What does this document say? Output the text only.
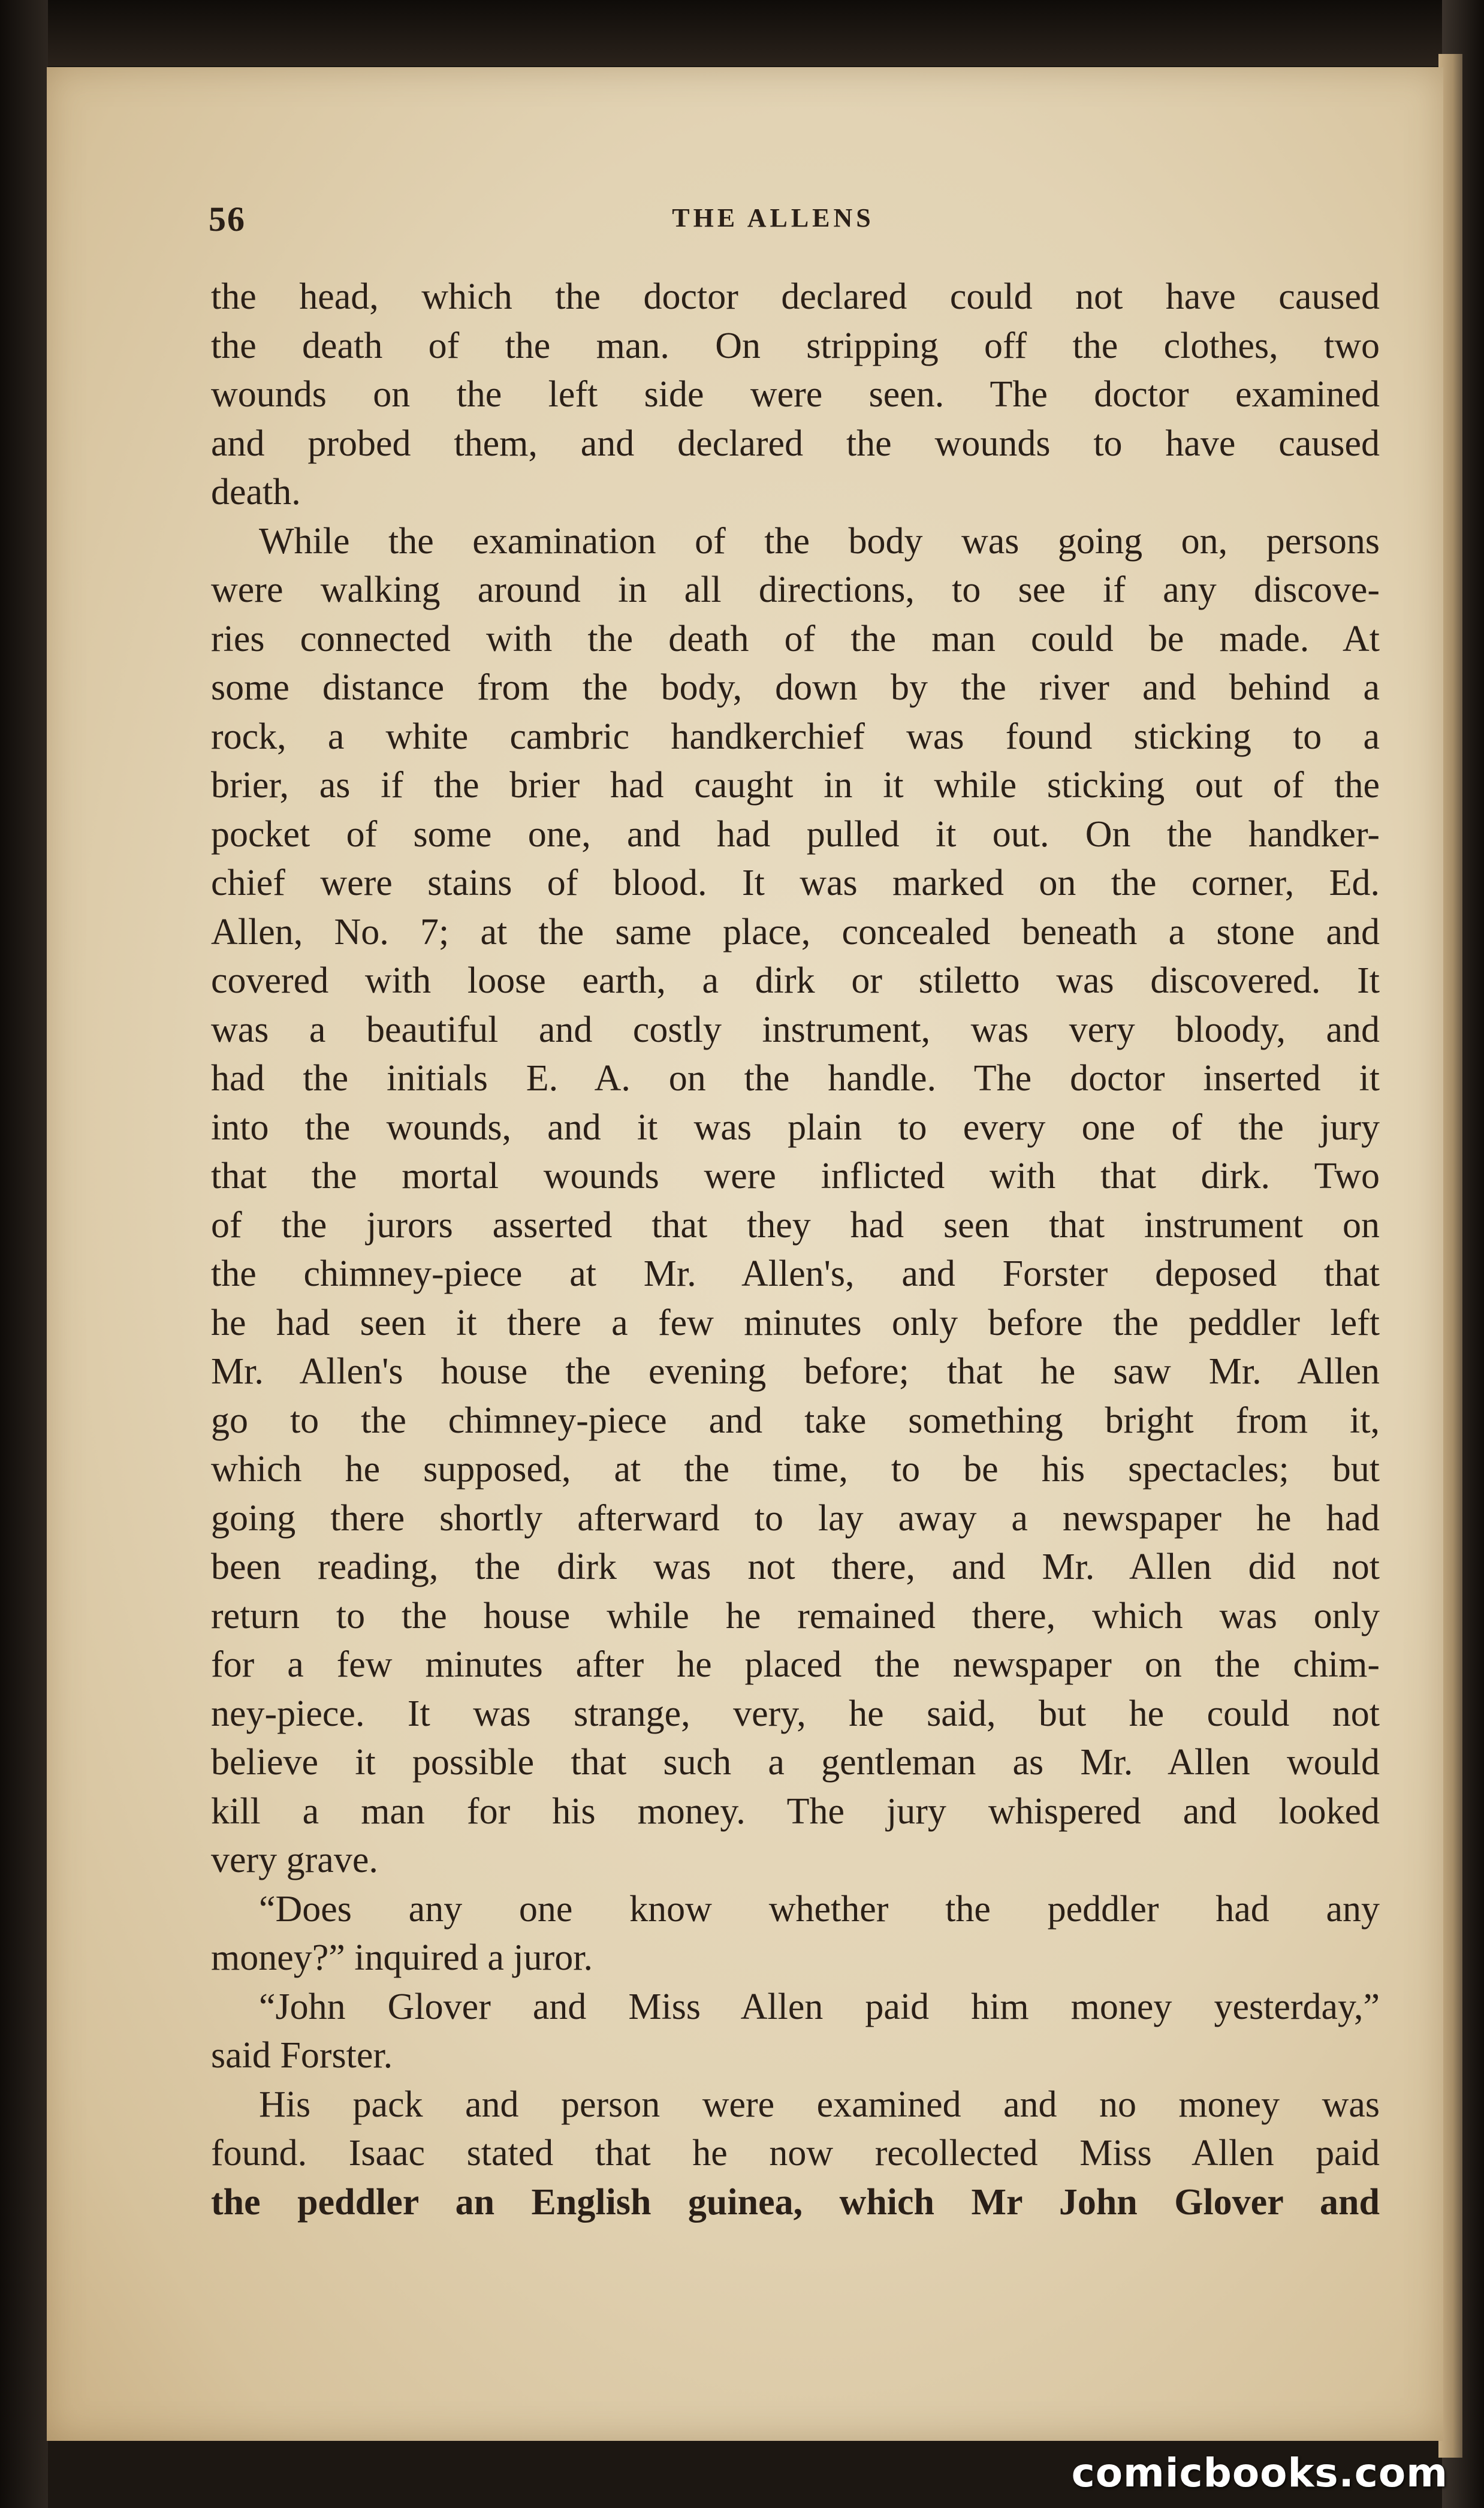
56	THE ALLENS
the head, which the doctor declared could not have caused
the death of the man. On stripping off the clothes, two
wounds on the left side were seen. The doctor examined
and probed them, and declared the wounds to have caused
death.
While the examination of the body was going on, persons
were walking around in all directions, to see if any discove-
ries connected with the death of the man could be made. At
some distance from the body, down by the river and behind a
rock, a white cambric handkerchief was found sticking to a
brier, as if the brier had caught in it while sticking out of the
pocket of some one, and had pulled it out. On the handker-
chief were stains of blood. It was marked on the corner, Ed.
Allen, No. 7; at the same place, concealed beneath a stone and
covered with loose earth, a dirk or stiletto was discovered. It
was a beautiful and costly instrument, was very bloody, and
had the initials E. A. on the handle. The doctor inserted it
into the wounds, and it was plain to every one of the jury
that the mortal wounds were inflicted with that dirk. Two
of the jurors asserted that they had seen that instrument on
the chimney-piece at Mr. Allen's, and Forster deposed that
he had seen it there a few minutes only before the peddler left
Mr. Allen's house the evening before; that he saw Mr. Allen
go to the chimney-piece and take something bright from it,
which he supposed, at the time, to be his spectacles; but
going there shortly afterward to lay away a newspaper he had
been reading, the dirk was not there, and Mr. Allen did not
return to the house while he remained there, which was only
for a few minutes after he placed the newspaper on the chim-
ney-piece. It was strange, very, he said, but he could not
believe it possible that such a gentleman as Mr. Allen would
kill a man for his money. The jury whispered and looked
very grave.
“Does any one know whether the peddler had any
money?” inquired a juror.
“John Glover and Miss Allen paid him money yesterday,”
said Forster.
His pack and person were examined and no money was
found. Isaac stated that he now recollected Miss Allen paid
the peddler an English guinea, which Mr John Glover and
comicbooks.com
